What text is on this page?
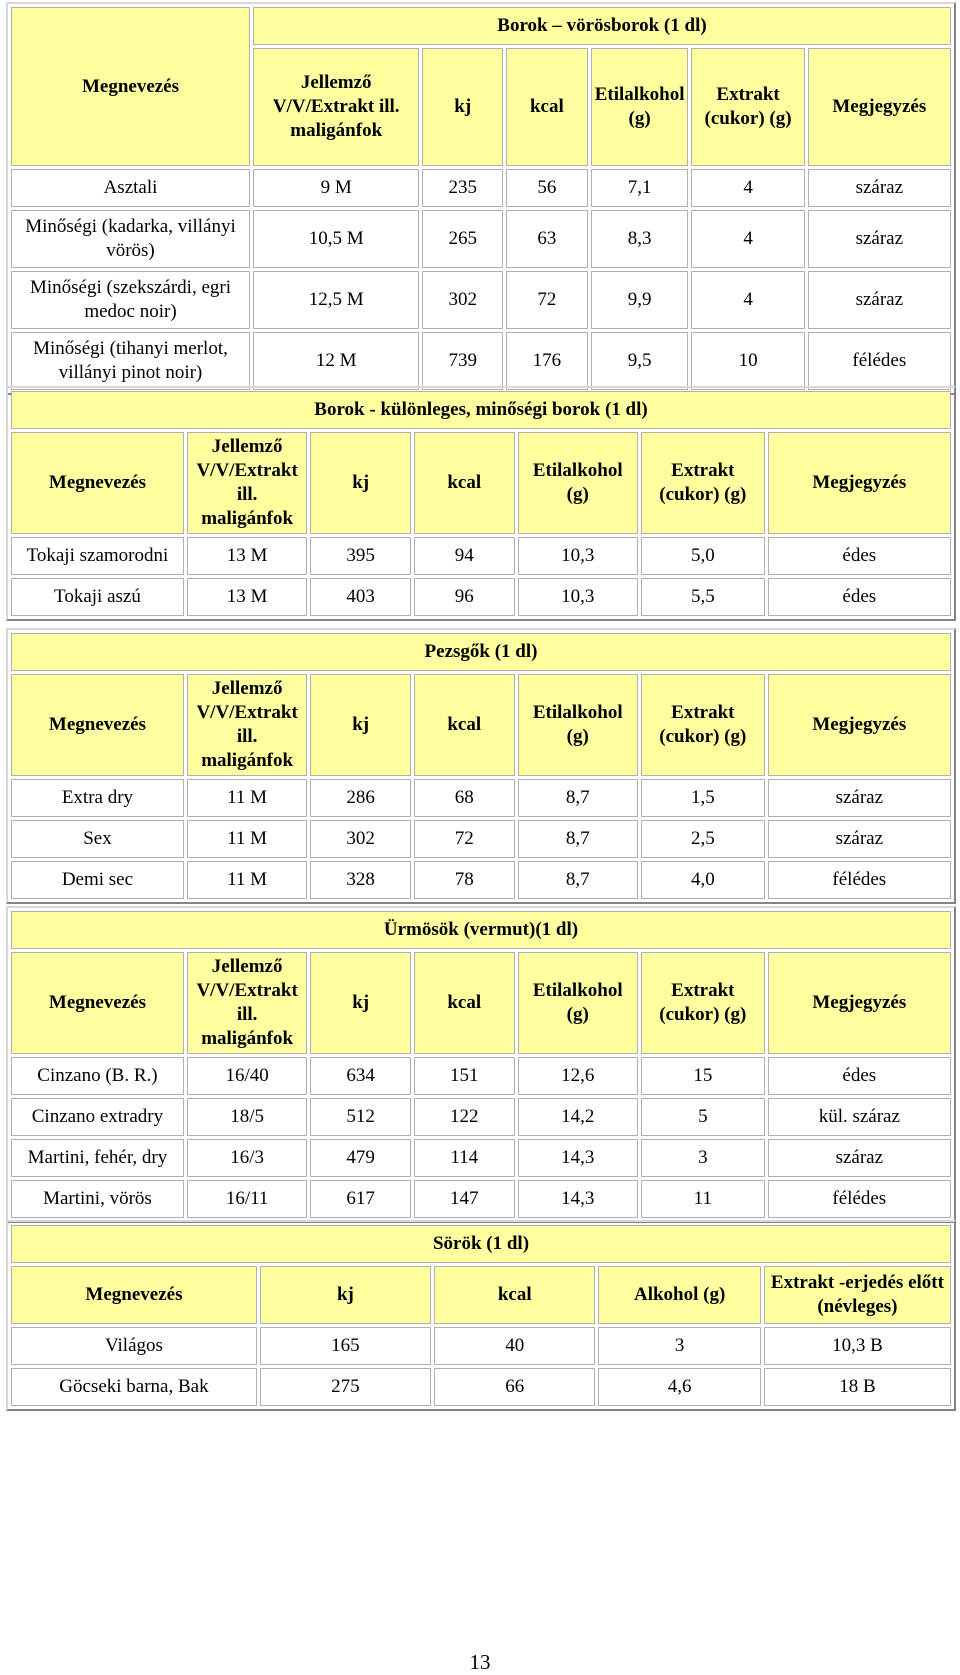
Megnevezés	Borok – vörösborok (1 dl)					
	Jellemző V/V/Extrakt ill. maligánfok	kj	kcal	Etilalkohol (g)	Extrakt (cukor) (g)	Megjegyzés
Asztali	9 M	235	56	7,1	4	száraz
Minőségi (kadarka, villányi vörös)	10,5 M	265	63	8,3	4	száraz
Minőségi (szekszárdi, egri medoc noir)	12,5 M	302	72	9,9	4	száraz
Minőségi (tihanyi merlot, villányi pinot noir)	12 M	739	176	9,5	10	félédes
Borok - különleges, minőségi borok (1 dl)						
Megnevezés	Jellemző V/V/Extrakt ill. maligánfok	kj	kcal	Etilalkohol (g)	Extrakt (cukor) (g)	Megjegyzés
Tokaji szamorodni	13 M	395	94	10,3	5,0	édes
Tokaji aszú	13 M	403	96	10,3	5,5	édes
Pezsgők (1 dl)						
Megnevezés	Jellemző V/V/Extrakt ill. maligánfok	kj	kcal	Etilalkohol (g)	Extrakt (cukor) (g)	Megjegyzés
Extra dry	11 M	286	68	8,7	1,5	száraz
Sex	11 M	302	72	8,7	2,5	száraz
Demi sec	11 M	328	78	8,7	4,0	félédes
Ürmösök (vermut)(1 dl)						
Megnevezés	Jellemző V/V/Extrakt ill. maligánfok	kj	kcal	Etilalkohol (g)	Extrakt (cukor) (g)	Megjegyzés
Cinzano (B. R.)	16/40	634	151	12,6	15	édes
Cinzano extradry	18/5	512	122	14,2	5	kül. száraz
Martini, fehér, dry	16/3	479	114	14,3	3	száraz
Martini, vörös	16/11	617	147	14,3	11	félédes
Sörök (1 dl)				
Megnevezés	kj	kcal	Alkohol (g)	Extrakt -erjedés előtt (névleges)
Világos	165	40	3	10,3 B
Göcseki barna, Bak	275	66	4,6	18 B
13
